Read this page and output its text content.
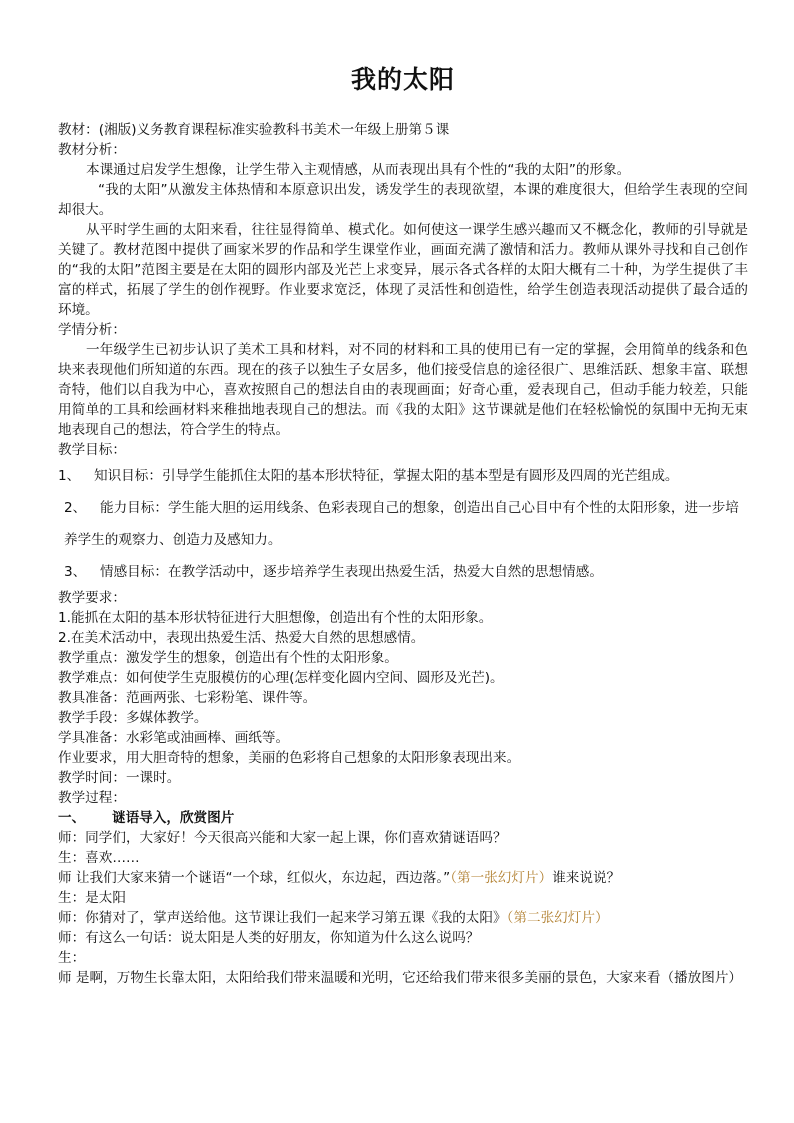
我的太阳

教材：(湘版)义务教育课程标准实验教科书美术一年级上册第５课

教材分析：

本课通过启发学生想像，让学生带入主观情感，从而表现出具有个性的“我的太阳”的形象。

“我的太阳”从激发主体热情和本原意识出发，诱发学生的表现欲望，本课的难度很大，但给学生表现的空间却很大。

从平时学生画的太阳来看，往往显得简单、模式化。如何使这一课学生感兴趣而又不概念化，教师的引导就是关键了。教材范图中提供了画家米罗的作品和学生课堂作业，画面充满了激情和活力。教师从课外寻找和自己创作的“我的太阳”范图主要是在太阳的圆形内部及光芒上求变异，展示各式各样的太阳大概有二十种，为学生提供了丰富的样式，拓展了学生的创作视野。作业要求宽泛，体现了灵活性和创造性，给学生创造表现活动提供了最合适的环境。

学情分析：

一年级学生已初步认识了美术工具和材料，对不同的材料和工具的使用已有一定的掌握，会用简单的线条和色块来表现他们所知道的东西。现在的孩子以独生子女居多，他们接受信息的途径很广、思维活跃、想象丰富、联想奇特，他们以自我为中心，喜欢按照自己的想法自由的表现画面；好奇心重，爱表现自己，但动手能力较差，只能用简单的工具和绘画材料来稚拙地表现自己的想法。而《我的太阳》这节课就是他们在轻松愉悦的氛围中无拘无束地表现自己的想法，符合学生的特点。

教学目标：

1、 知识目标：引导学生能抓住太阳的基本形状特征，掌握太阳的基本型是有圆形及四周的光芒组成。

2、 能力目标：学生能大胆的运用线条、色彩表现自己的想象，创造出自己心目中有个性的太阳形象，进一步培养学生的观察力、创造力及感知力。

3、 情感目标：在教学活动中，逐步培养学生表现出热爱生活，热爱大自然的思想情感。

教学要求：

1.能抓在太阳的基本形状特征进行大胆想像，创造出有个性的太阳形象。

2.在美术活动中，表现出热爱生活、热爱大自然的思想感情。

教学重点：激发学生的想象，创造出有个性的太阳形象。

教学难点：如何使学生克服模仿的心理(怎样变化圆内空间、圆形及光芒)。

教具准备：范画两张、七彩粉笔、课件等。

教学手段：多媒体教学。

学具准备：水彩笔或油画棒、画纸等。

作业要求，用大胆奇特的想象，美丽的色彩将自己想象的太阳形象表现出来。

教学时间：一课时。

教学过程：

一、 谜语导入，欣赏图片

师：同学们，大家好！今天很高兴能和大家一起上课，你们喜欢猜谜语吗？

生：喜欢……

师 让我们大家来猜一个谜语“一个球，红似火，东边起，西边落。”（第一张幻灯片）谁来说说？

生：是太阳

师：你猜对了，掌声送给他。这节课让我们一起来学习第五课《我的太阳》（第二张幻灯片）

师：有这么一句话：说太阳是人类的好朋友，你知道为什么这么说吗？

生：

师 是啊，万物生长靠太阳，太阳给我们带来温暖和光明，它还给我们带来很多美丽的景色，大家来看（播放图片）
